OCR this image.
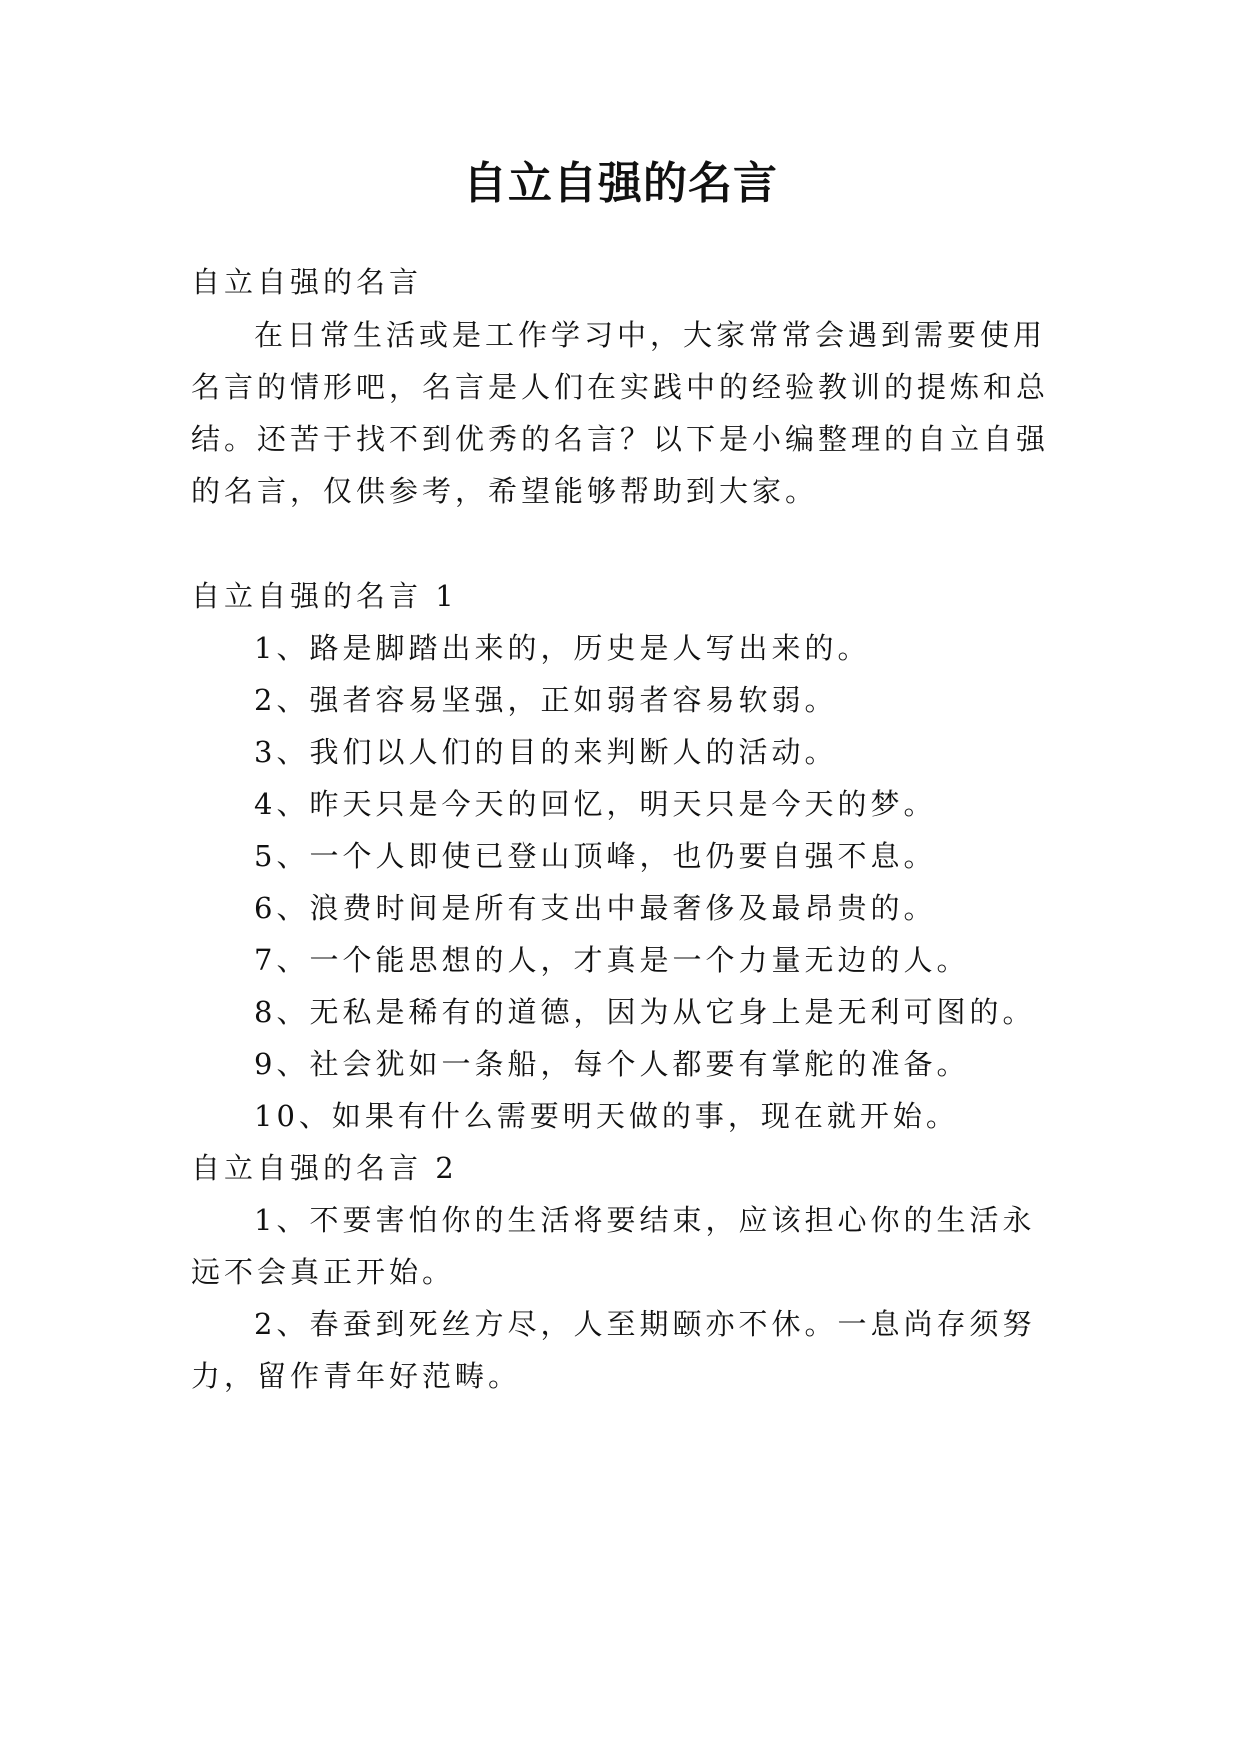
自立自强的名言
自立自强的名言
在日常生活或是工作学习中，大家常常会遇到需要使用
名言的情形吧，名言是人们在实践中的经验教训的提炼和总
结。还苦于找不到优秀的名言？以下是小编整理的自立自强
的名言，仅供参考，希望能够帮助到大家。
自立自强的名言 1
1、路是脚踏出来的，历史是人写出来的。
2、强者容易坚强，正如弱者容易软弱。
3、我们以人们的目的来判断人的活动。
4、昨天只是今天的回忆，明天只是今天的梦。
5、一个人即使已登山顶峰，也仍要自强不息。
6、浪费时间是所有支出中最奢侈及最昂贵的。
7、一个能思想的人，才真是一个力量无边的人。
8、无私是稀有的道德，因为从它身上是无利可图的。
9、社会犹如一条船，每个人都要有掌舵的准备。
10、如果有什么需要明天做的事，现在就开始。
自立自强的名言 2
1、不要害怕你的生活将要结束，应该担心你的生活永
远不会真正开始。
2、春蚕到死丝方尽，人至期颐亦不休。一息尚存须努
力，留作青年好范畴。
